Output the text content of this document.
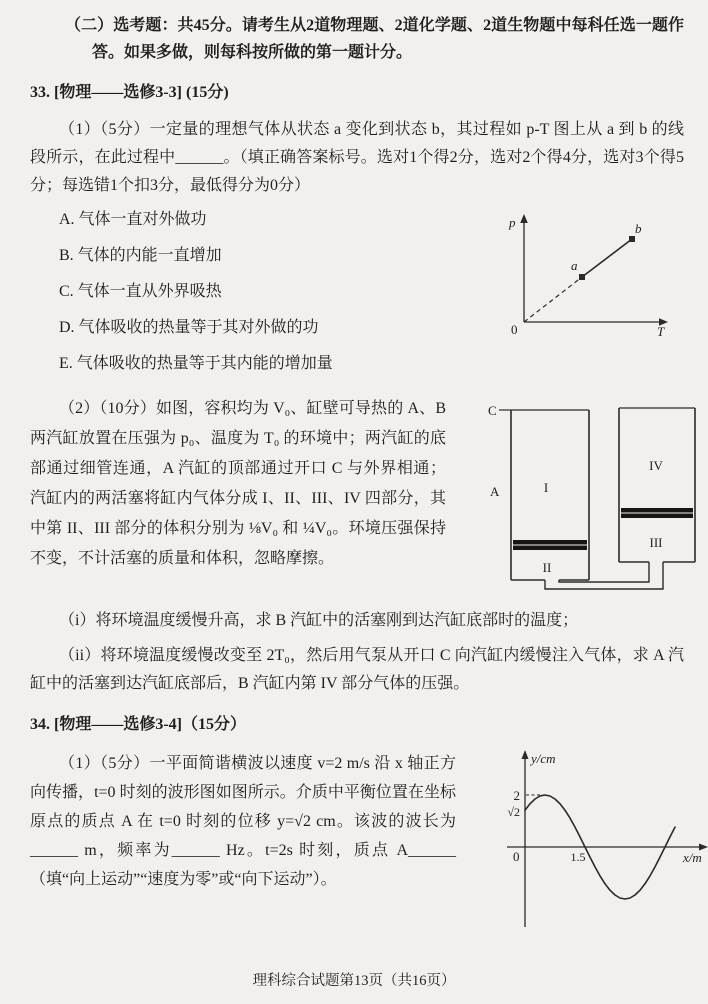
（二）选考题：共45分。请考生从2道物理题、2道化学题、2道生物题中每科任选一题作答。如果多做，则每科按所做的第一题计分。
33. [物理——选修3-3] (15分)
（1）（5分）一定量的理想气体从状态 a 变化到状态 b，其过程如 p-T 图上从 a 到 b 的线段所示，在此过程中______。（填正确答案标号。选对1个得2分，选对2个得4分，选对3个得5分；每选错1个扣3分，最低得分为0分）
A. 气体一直对外做功
B. 气体的内能一直增加
C. 气体一直从外界吸热
D. 气体吸收的热量等于其对外做的功
E. 气体吸收的热量等于其内能的增加量
p
T
0
a
b
C
A	I
II
IV
III
（2）（10分）如图，容积均为 V₀、缸壁可导热的 A、B 两汽缸放置在压强为 p₀、温度为 T₀ 的环境中；两汽缸的底部通过细管连通，A 汽缸的顶部通过开口 C 与外界相通；汽缸内的两活塞将缸内气体分成 I、II、III、IV 四部分，其中第 II、III 部分的体积分别为 ⅛V₀ 和 ¼V₀。环境压强保持不变，不计活塞的质量和体积，忽略摩擦。
（i）将环境温度缓慢升高，求 B 汽缸中的活塞刚到达汽缸底部时的温度；
（ii）将环境温度缓慢改变至 2T₀，然后用气泵从开口 C 向汽缸内缓慢注入气体，求 A 汽缸中的活塞到达汽缸底部后，B 汽缸内第 IV 部分气体的压强。
34. [物理——选修3-4]（15分）
y/cm
x/m
0
2
√2
1.5
（1）（5分）一平面简谐横波以速度 v=2 m/s 沿 x 轴正方向传播，t=0 时刻的波形图如图所示。介质中平衡位置在坐标原点的质点 A 在 t=0 时刻的位移 y=√2 cm。该波的波长为______ m，频率为______ Hz。t=2s 时刻，质点 A______（填“向上运动”“速度为零”或“向下运动”）。
理科综合试题第13页（共16页）
